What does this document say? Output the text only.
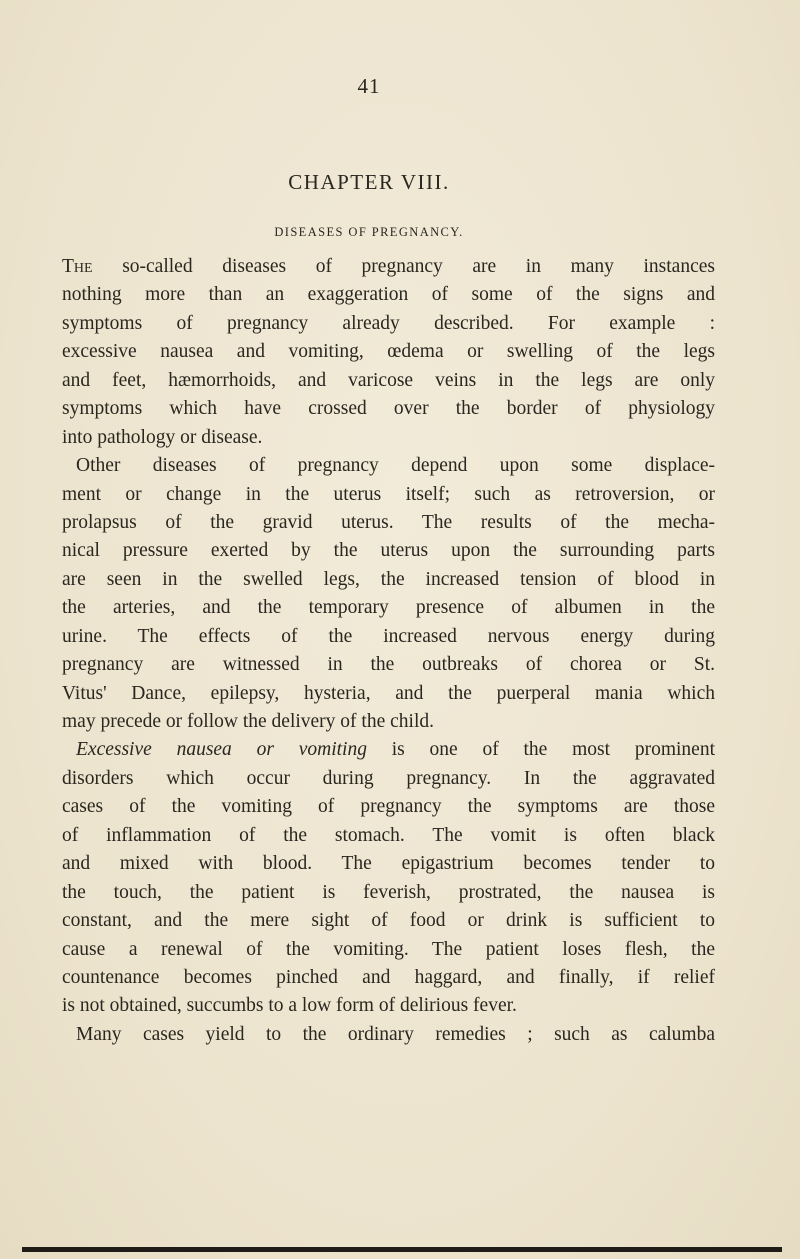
41
CHAPTER VIII.
DISEASES OF PREGNANCY.
The so-called diseases of pregnancy are in many instances
nothing more than an exaggeration of some of the signs and
symptoms of pregnancy already described. For example :
excessive nausea and vomiting, œdema or swelling of the legs
and feet, hæmorrhoids, and varicose veins in the legs are only
symptoms which have crossed over the border of physiology
into pathology or disease.
Other diseases of pregnancy depend upon some displace-
ment or change in the uterus itself; such as retroversion, or
prolapsus of the gravid uterus. The results of the mecha-
nical pressure exerted by the uterus upon the surrounding parts
are seen in the swelled legs, the increased tension of blood in
the arteries, and the temporary presence of albumen in the
urine. The effects of the increased nervous energy during
pregnancy are witnessed in the outbreaks of chorea or St.
Vitus' Dance, epilepsy, hysteria, and the puerperal mania which
may precede or follow the delivery of the child.
Excessive nausea or vomiting is one of the most prominent
disorders which occur during pregnancy. In the aggravated
cases of the vomiting of pregnancy the symptoms are those
of inflammation of the stomach. The vomit is often black
and mixed with blood. The epigastrium becomes tender to
the touch, the patient is feverish, prostrated, the nausea is
constant, and the mere sight of food or drink is sufficient to
cause a renewal of the vomiting. The patient loses flesh, the
countenance becomes pinched and haggard, and finally, if relief
is not obtained, succumbs to a low form of delirious fever.
Many cases yield to the ordinary remedies ; such as calumba
